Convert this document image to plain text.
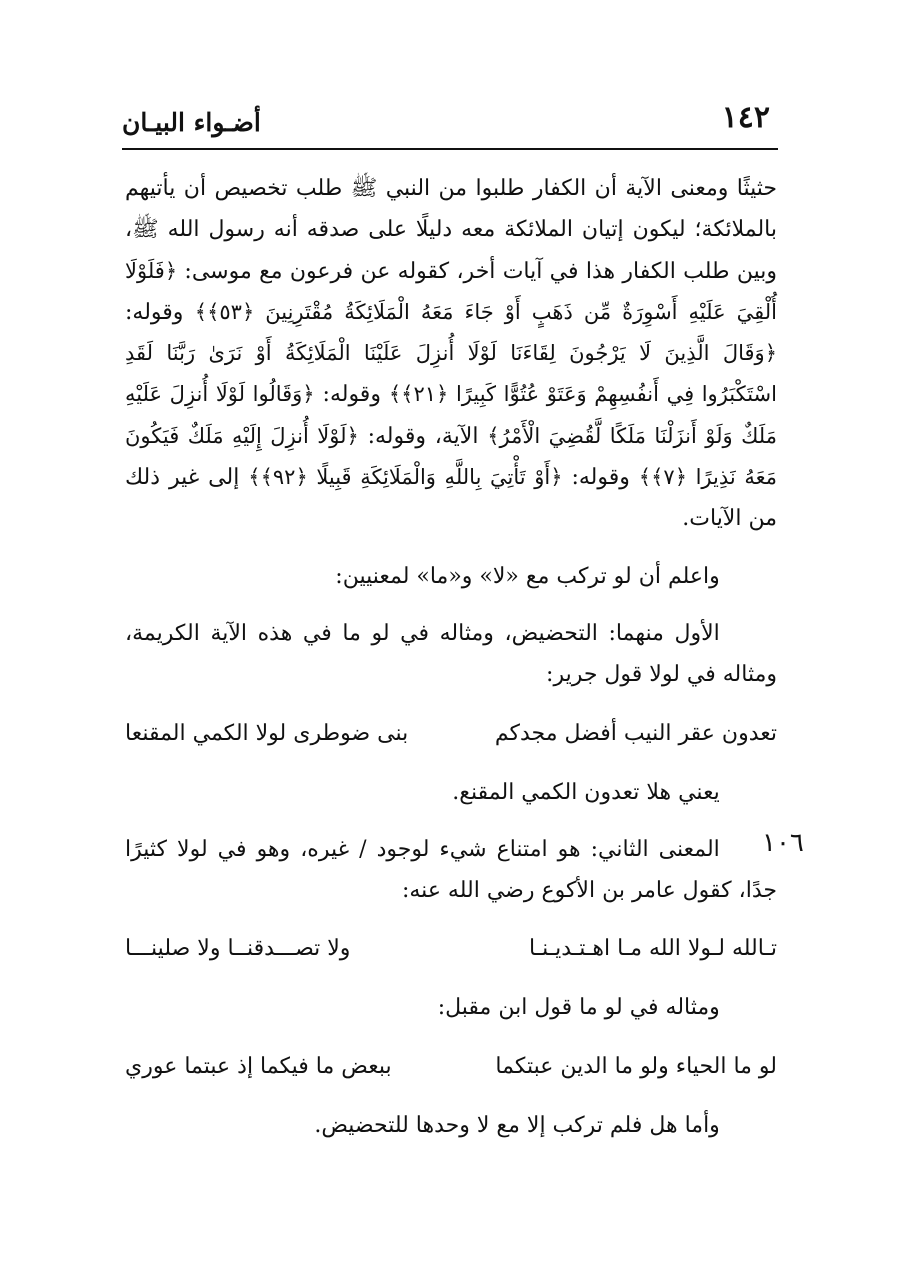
١٤٢
أضـواء البيـان
١٠٦

حثيثًا ومعنى الآية أن الكفار طلبوا من النبي ﷺ طلب تخصيص أن يأتيهم بالملائكة؛ ليكون إتيان الملائكة معه دليلًا على صدقه أنه رسول الله ﷺ، وبين طلب الكفار هذا في آيات أخر، كقوله عن فرعون مع موسى: ﴿فَلَوْلَا أُلْقِيَ عَلَيْهِ أَسْوِرَةٌ مِّن ذَهَبٍ أَوْ جَاءَ مَعَهُ الْمَلَائِكَةُ مُقْتَرِنِينَ ﴿٥٣﴾﴾ وقوله: ﴿وَقَالَ الَّذِينَ لَا يَرْجُونَ لِقَاءَنَا لَوْلَا أُنزِلَ عَلَيْنَا الْمَلَائِكَةُ أَوْ نَرَىٰ رَبَّنَا لَقَدِ اسْتَكْبَرُوا فِي أَنفُسِهِمْ وَعَتَوْ عُتُوًّا كَبِيرًا ﴿٢١﴾﴾ وقوله: ﴿وَقَالُوا لَوْلَا أُنزِلَ عَلَيْهِ مَلَكٌ وَلَوْ أَنزَلْنَا مَلَكًا لَّقُضِيَ الْأَمْرُ﴾ الآية، وقوله: ﴿لَوْلَا أُنزِلَ إِلَيْهِ مَلَكٌ فَيَكُونَ مَعَهُ نَذِيرًا ﴿٧﴾﴾ وقوله: ﴿أَوْ تَأْتِيَ بِاللَّهِ وَالْمَلَائِكَةِ قَبِيلًا ﴿٩٢﴾﴾ إلى غير ذلك من الآيات.

واعلم أن لو تركب مع «لا» و«ما» لمعنيين:

الأول منهما: التحضيض، ومثاله في لو ما في هذه الآية الكريمة، ومثاله في لولا قول جرير:

تعدون عقر النيب أفضل مجدكم
بنى ضوطرى لولا الكمي المقنعا

يعني هلا تعدون الكمي المقنع.

المعنى الثاني: هو امتناع شيء لوجود / غيره، وهو في لولا كثيرًا جدًا، كقول عامر بن الأكوع رضي الله عنه:

تـالله لـولا الله مـا اهـتـديـنـا
ولا تصـــدقنــا ولا صلينـــا

ومثاله في لو ما قول ابن مقبل:

لو ما الحياء ولو ما الدين عبتكما
ببعض ما فيكما إذ عبتما عوري

وأما هل فلم تركب إلا مع لا وحدها للتحضيض.
